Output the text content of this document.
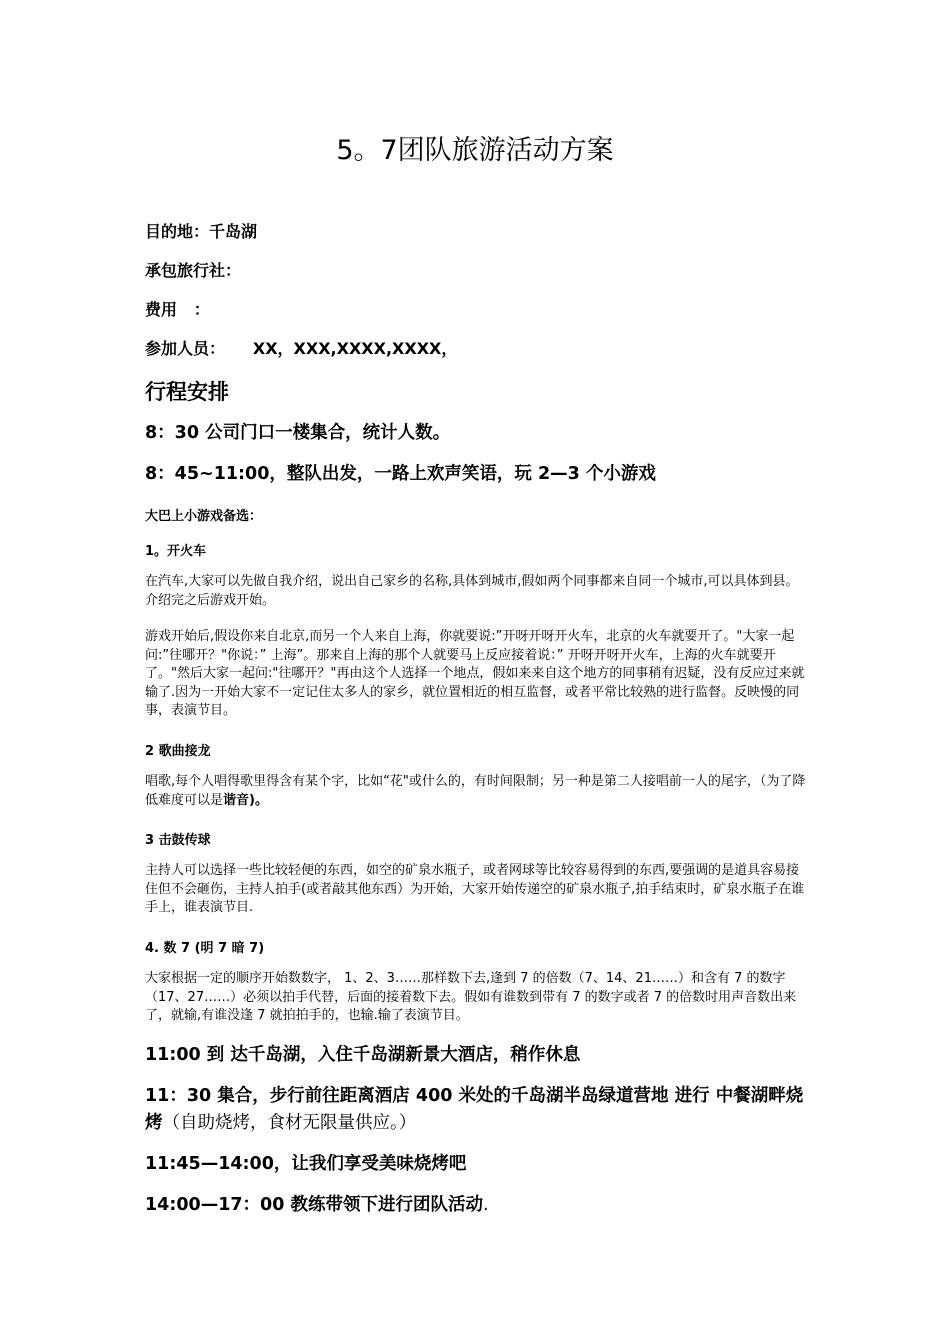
5。7团队旅游活动方案
目的地：千岛湖
承包旅行社：
费用   ：
参加人员：     XX，XXX,XXXX,XXXX，
行程安排

8：30 公司门口一楼集合，统计人数。

8：45~11:00，整队出发，一路上欢声笑语，玩 2—3 个小游戏

大巴上小游戏备选：

1。开火车

在汽车,大家可以先做自我介绍，说出自己家乡的名称,具体到城市,假如两个同事都来自同一个城市,可以具体到县。介绍完之后游戏开始。

游戏开始后,假设你来自北京,而另一个人来自上海，你就要说:”开呀开呀开火车，北京的火车就要开了。"大家一起问:”往哪开？"你说：” 上海”。那来自上海的那个人就要马上反应接着说：” 开呀开呀开火车，上海的火车就要开了。"然后大家一起问:"往哪开？"再由这个人选择一个地点，假如来来自这个地方的同事稍有迟疑，没有反应过来就输了.因为一开始大家不一定记住太多人的家乡，就位置相近的相互监督，或者平常比较熟的进行监督。反映慢的同事，表演节目。

2 歌曲接龙

唱歌,每个人唱得歌里得含有某个字，比如“花"或什么的，有时间限制；另一种是第二人接唱前一人的尾字，（为了降低难度可以是谐音)。

3 击鼓传球

主持人可以选择一些比较轻便的东西，如空的矿泉水瓶子，或者网球等比较容易得到的东西,要强调的是道具容易接住但不会砸伤，主持人拍手(或者敲其他东西）为开始，大家开始传递空的矿泉水瓶子,拍手结束时，矿泉水瓶子在谁手上，谁表演节目.

4. 数 7 (明 7 暗 7)

大家根据一定的顺序开始数数字， 1、2、3……那样数下去,逢到 7 的倍数（7、14、21……）和含有 7 的数字（17、27……）必须以拍手代替，后面的接着数下去。假如有谁数到带有 7 的数字或者 7 的倍数时用声音数出来了，就输,有谁没逢 7 就拍拍手的，也输.输了表演节目。

11:00 到 达千岛湖，入住千岛湖新景大酒店，稍作休息

11：30 集合，步行前往距离酒店 400 米处的千岛湖半岛绿道营地 进行 中餐湖畔烧烤（自助烧烤，食材无限量供应。）

11:45—14:00，让我们享受美味烧烤吧

14:00—17：00 教练带领下进行团队活动.
